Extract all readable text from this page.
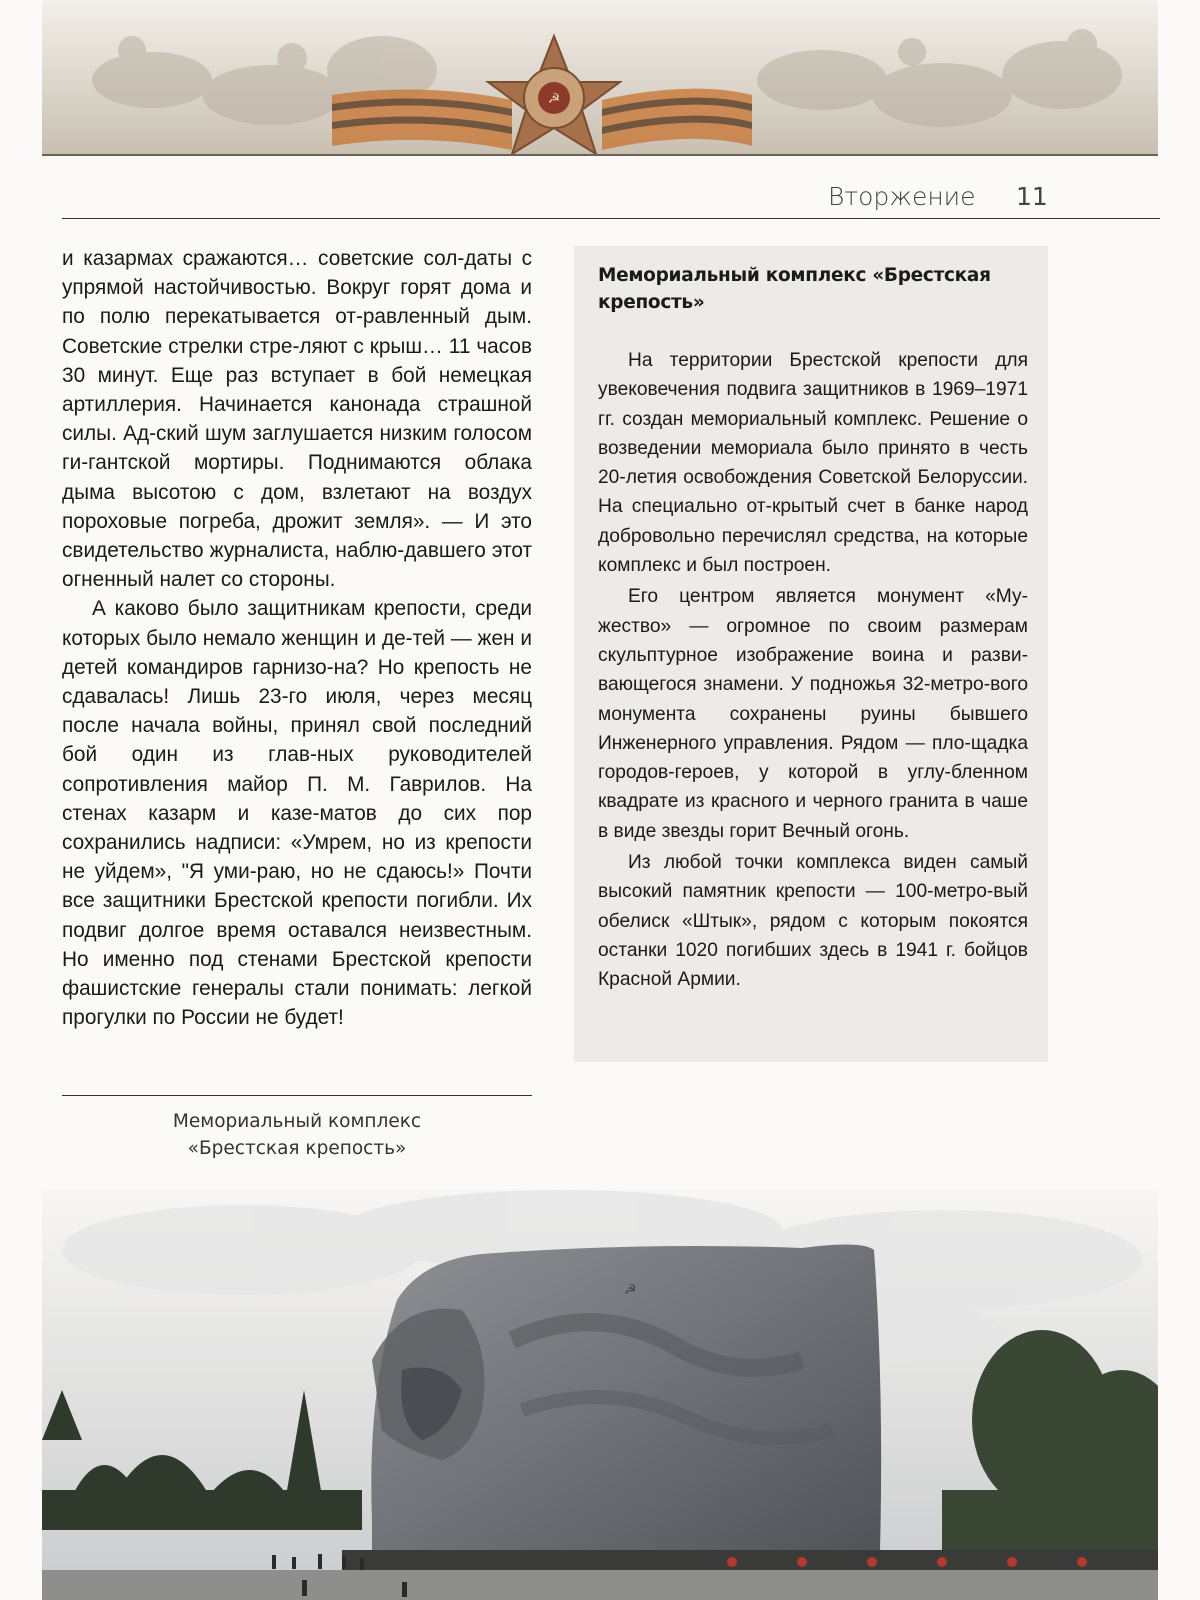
☭
Вторжение 11

и казармах сражаются… советские сол-даты с упрямой настойчивостью. Вокруг горят дома и по полю перекатывается от-равленный дым. Советские стрелки стре-ляют с крыш… 11 часов 30 минут. Еще раз вступает в бой немецкая артиллерия. Начинается канонада страшной силы. Ад-ский шум заглушается низким голосом ги-гантской мортиры. Поднимаются облака дыма высотою с дом, взлетают на воздух пороховые погреба, дрожит земля». — И это свидетельство журналиста, наблю-давшего этот огненный налет со стороны.

А каково было защитникам крепости, среди которых было немало женщин и де-тей — жен и детей командиров гарнизо-на? Но крепость не сдавалась! Лишь 23-го июля, через месяц после начала войны, принял свой последний бой один из глав-ных руководителей сопротивления майор П. М. Гаврилов. На стенах казарм и казе-матов до сих пор сохранились надписи: «Умрем, но из крепости не уйдем», "Я уми-раю, но не сдаюсь!» Почти все защитники Брестской крепости погибли. Их подвиг долгое время оставался неизвестным. Но именно под стенами Брестской крепости фашистские генералы стали понимать: легкой прогулки по России не будет!

Мемориальный комплекс «Брестская крепость»

На территории Брестской крепости для увековечения подвига защитников в 1969–1971 гг. создан мемориальный комплекс. Решение о возведении мемориала было принято в честь 20-летия освобождения Советской Белоруссии. На специально от-крытый счет в банке народ добровольно перечислял средства, на которые комплекс и был построен.

Его центром является монумент «Му-жество» — огромное по своим размерам скульптурное изображение воина и разви-вающегося знамени. У подножья 32-метро-вого монумента сохранены руины бывшего Инженерного управления. Рядом — пло-щадка городов-героев, у которой в углу-бленном квадрате из красного и черного гранита в чаше в виде звезды горит Вечный огонь.

Из любой точки комплекса виден самый высокий памятник крепости — 100-метро-вый обелиск «Штык», рядом с которым покоятся останки 1020 погибших здесь в 1941 г. бойцов Красной Армии.

Мемориальный комплекс
«Брестская крепость»
☭
